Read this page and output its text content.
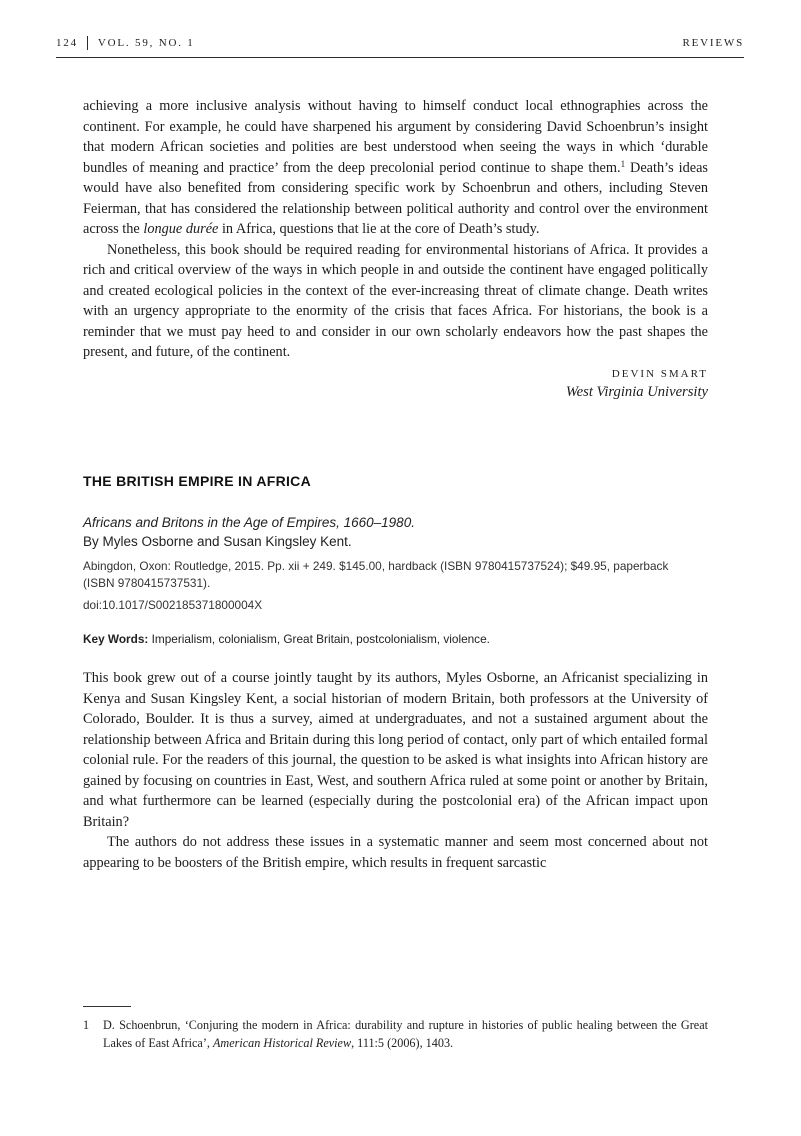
124 VOL. 59, NO. 1	REVIEWS

achieving a more inclusive analysis without having to himself conduct local ethnographies across the continent. For example, he could have sharpened his argument by considering David Schoenbrun’s insight that modern African societies and polities are best understood when seeing the ways in which ‘durable bundles of meaning and practice’ from the deep precolonial period continue to shape them.$^1$ Death’s ideas would have also benefited from considering specific work by Schoenbrun and others, including Steven Feierman, that has considered the relationship between political authority and control over the environment across the longue durée in Africa, questions that lie at the core of Death’s study.

Nonetheless, this book should be required reading for environmental historians of Africa. It provides a rich and critical overview of the ways in which people in and outside the continent have engaged politically and created ecological policies in the context of the ever-increasing threat of climate change. Death writes with an urgency appropriate to the enormity of the crisis that faces Africa. For historians, the book is a reminder that we must pay heed to and consider in our own scholarly endeavors how the past shapes the present, and future, of the continent.

DEVIN SMART
West Virginia University
THE BRITISH EMPIRE IN AFRICA
Africans and Britons in the Age of Empires, 1660–1980.
By Myles Osborne and Susan Kingsley Kent.
Abingdon, Oxon: Routledge, 2015. Pp. xii + 249. $145.00, hardback (ISBN 9780415737524); $49.95, paperback (ISBN 9780415737531).
doi:10.1017/S002185371800004X
Key Words: Imperialism, colonialism, Great Britain, postcolonialism, violence.

This book grew out of a course jointly taught by its authors, Myles Osborne, an Africanist specializing in Kenya and Susan Kingsley Kent, a social historian of modern Britain, both professors at the University of Colorado, Boulder. It is thus a survey, aimed at undergraduates, and not a sustained argument about the relationship between Africa and Britain during this long period of contact, only part of which entailed formal colonial rule. For the readers of this journal, the question to be asked is what insights into African history are gained by focusing on countries in East, West, and southern Africa ruled at some point or another by Britain, and what furthermore can be learned (especially during the postcolonial era) of the African impact upon Britain?

The authors do not address these issues in a systematic manner and seem most concerned about not appearing to be boosters of the British empire, which results in frequent sarcastic

1 D. Schoenbrun, ‘Conjuring the modern in Africa: durability and rupture in histories of public healing between the Great Lakes of East Africa’, American Historical Review, 111:5 (2006), 1403.
